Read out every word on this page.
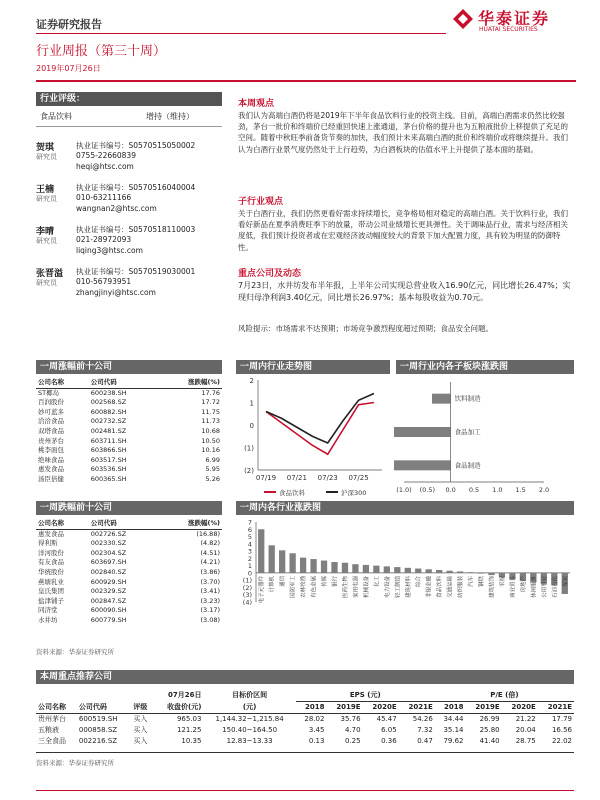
证券研究报告	华泰证券
HUATAI SECURITIES
行业周报（第三十周）
2019年07月26日
行业评级：
食品饮料	增持（维持）
贺琪
研究员
执业证书编号：S0570515050002
0755-22660839
heqi@htsc.com
王楠
研究员
执业证书编号：S0570516040004
010-63211166
wangnan2@htsc.com
李晴
研究员
执业证书编号：S0570518110003
021-28972093
liqing3@htsc.com
张晋溢
研究员
执业证书编号：S0570519030001
010-56793951
zhangjinyi@htsc.com
本周观点
我们认为高端白酒仍将是2019年下半年食品饮料行业的投资主线。目前，高端白酒需求仍然比较强劲，茅台一批价和终端价已经重回快速上涨通道，茅台价格的提升也为五粮液批价上移提供了充足的空间。随着中秋旺季前备货节奏的加快，我们预计未来高端白酒的批价和终端价或将继续提升。我们认为白酒行业景气度仍然处于上行趋势，为白酒板块的估值水平上升提供了基本面的基础。
子行业观点
关于白酒行业，我们仍然更看好需求持续增长，竞争格局相对稳定的高端白酒。关于饮料行业，我们看好新品在夏季消费旺季下的放量，带动公司业绩增长更具弹性。关于调味品行业，需求与经济相关度低，我们预计投资者或在宏观经济波动幅度较大的背景下加大配置力度，具有较为明显的防御特性。
重点公司及动态
7月23日，水井坊发布半年报，上半年公司实现总营业收入16.90亿元，同比增长26.47%；实现归母净利润3.40亿元，同比增长26.97%；基本每股收益为0.70元。
风险提示：市场需求不达预期；市场竞争激烈程度超过预期；食品安全问题。
一周涨幅前十公司
公司名称	公司代码	涨跌幅(%)
ST椰岛	600238.SH	17.76
百润股份	002568.SZ	17.72
妙可蓝多	600882.SH	11.75
洽洽食品	002732.SZ	11.73
双塔食品	002481.SZ	10.68
贵州茅台	603711.SH	10.50
桃李面包	603866.SH	10.16
绝味食品	603517.SH	6.99
惠发食品	603536.SH	5.95
汤臣倍健	600365.SH	5.26
一周跌幅前十公司
公司名称	公司代码	涨跌幅(%)
惠发食品	002726.SZ	(16.88)
得利斯	002330.SZ	(4.82)
洋河股份	002304.SZ	(4.51)
有友食品	603697.SH	(4.21)
华统股份	002840.SZ	(3.86)
燕塘乳业	600929.SH	(3.70)
皇氏集团	002329.SZ	(3.41)
盐津铺子	002847.SZ	(3.23)
同济堂	600090.SH	(3.17)
水井坊	600779.SH	(3.08)
资料来源：华泰证券研究所
一周内行业走势图
(2)
(1)
0
1
2
07/19 07/21 07/23 07/25
食品饮料	沪深300
一周行业内各子板块涨跌图
(1.0) (0.5) 0.0 0.5 1.0 1.5 2.0
饮料制造
食品加工
食品制造
一周内各行业涨跌图
(4)
(3)
(2)
(1)
0
1
2
3
4
5
6
7
电子元器件 计算机 通信 国防军工 农林牧渔 有色金属 传媒 银行 医药生物 家用电器 机械设备 化工 电力设备 轻工制造 建筑材料 综合 非银金融 食品饮料 交通运输 纺织服装 汽车 钢铁 建筑装饰 采掘 商业贸易 房地产 休闲服务 公用事业 石油石化 煤炭
本周重点推荐公司
			07月26日	目标价区间	EPS (元)				P/E (倍)			
公司名称	公司代码	评级	收盘价(元)	(元)	2018	2019E	2020E	2021E	2018	2019E	2020E	2021E
贵州茅台	600519.SH	买入	965.03	1,144.32~1,215.84	28.02	35.76	45.47	54.26	34.44	26.99	21.22	17.79
五粮液	000858.SZ	买入	121.25	150.40~164.50	3.45	4.70	6.05	7.32	35.14	25.80	20.04	16.56
三全食品	002216.SZ	买入	10.35	12.83~13.33	0.13	0.25	0.36	0.47	79.62	41.40	28.75	22.02
资料来源：华泰证券研究所
